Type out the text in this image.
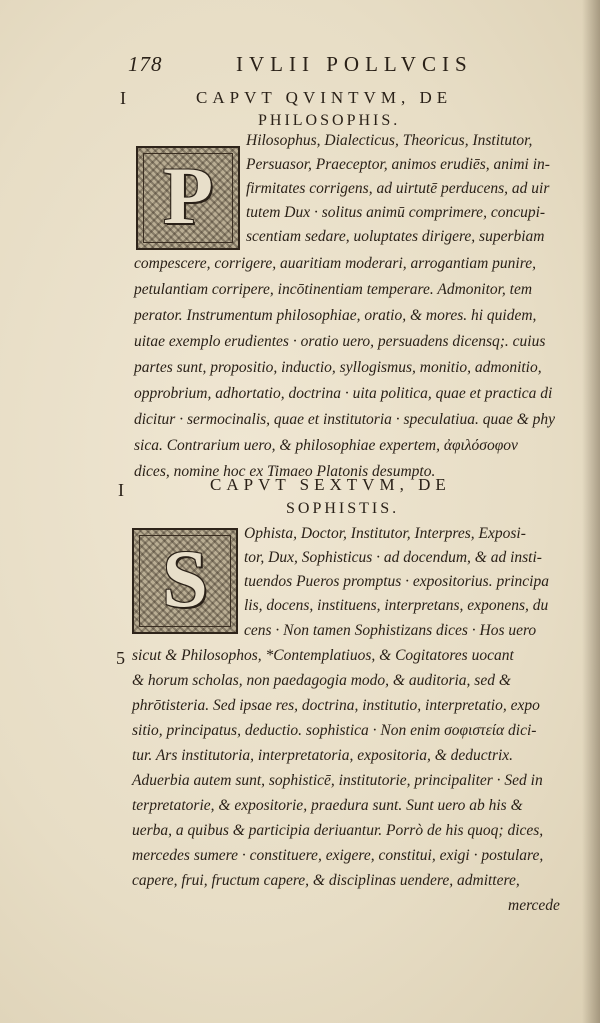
178	IVLII POLLVCIS
I	CAPVT QVINTVM, DE
PHILOSOPHIS.
P
Hilosophus, Dialecticus, Theoricus, Institutor,
Persuasor, Praeceptor, animos erudiēs, animi in-
firmitates corrigens, ad uirtutē perducens, ad uir
tutem Dux · solitus animū comprimere, concupi-
scentiam sedare, uoluptates dirigere, superbiam
compescere, corrigere, auaritiam moderari, arrogantiam punire,
petulantiam corripere, incōtinentiam temperare. Admonitor, tem
perator. Instrumentum philosophiae, oratio, & mores. hi quidem,
uitae exemplo erudientes · oratio uero, persuadens dicensq;. cuius
partes sunt, propositio, inductio, syllogismus, monitio, admonitio,
opprobrium, adhortatio, doctrina · uita politica, quae et practica di
dicitur · sermocinalis, quae et institutoria · speculatiua. quae & phy
sica. Contrarium uero, & philosophiae expertem, ἀφιλόσοφον
dices, nomine hoc ex Timaeo Platonis desumpto.
I	CAPVT SEXTVM, DE
SOPHISTIS.
S
5
Ophista, Doctor, Institutor, Interpres, Exposi-
tor, Dux, Sophisticus · ad docendum, & ad insti-
tuendos Pueros promptus · expositorius. principa
lis, docens, instituens, interpretans, exponens, du
cens · Non tamen Sophistizans dices · Hos uero
sicut & Philosophos, *Contemplatiuos, & Cogitatores uocant
& horum scholas, non paedagogia modo, & auditoria, sed &
phrōtisteria. Sed ipsae res, doctrina, institutio, interpretatio, expo
sitio, principatus, deductio. sophistica · Non enim σοφιστεία dici-
tur. Ars institutoria, interpretatoria, expositoria, & deductrix.
Aduerbia autem sunt, sophisticē, institutorie, principaliter · Sed in
terpretatorie, & expositorie, praedura sunt. Sunt uero ab his &
uerba, a quibus & participia deriuantur. Porrò de his quoq; dices,
mercedes sumere · constituere, exigere, constitui, exigi · postulare,
capere, frui, fructum capere, & disciplinas uendere, admittere,
mercede
